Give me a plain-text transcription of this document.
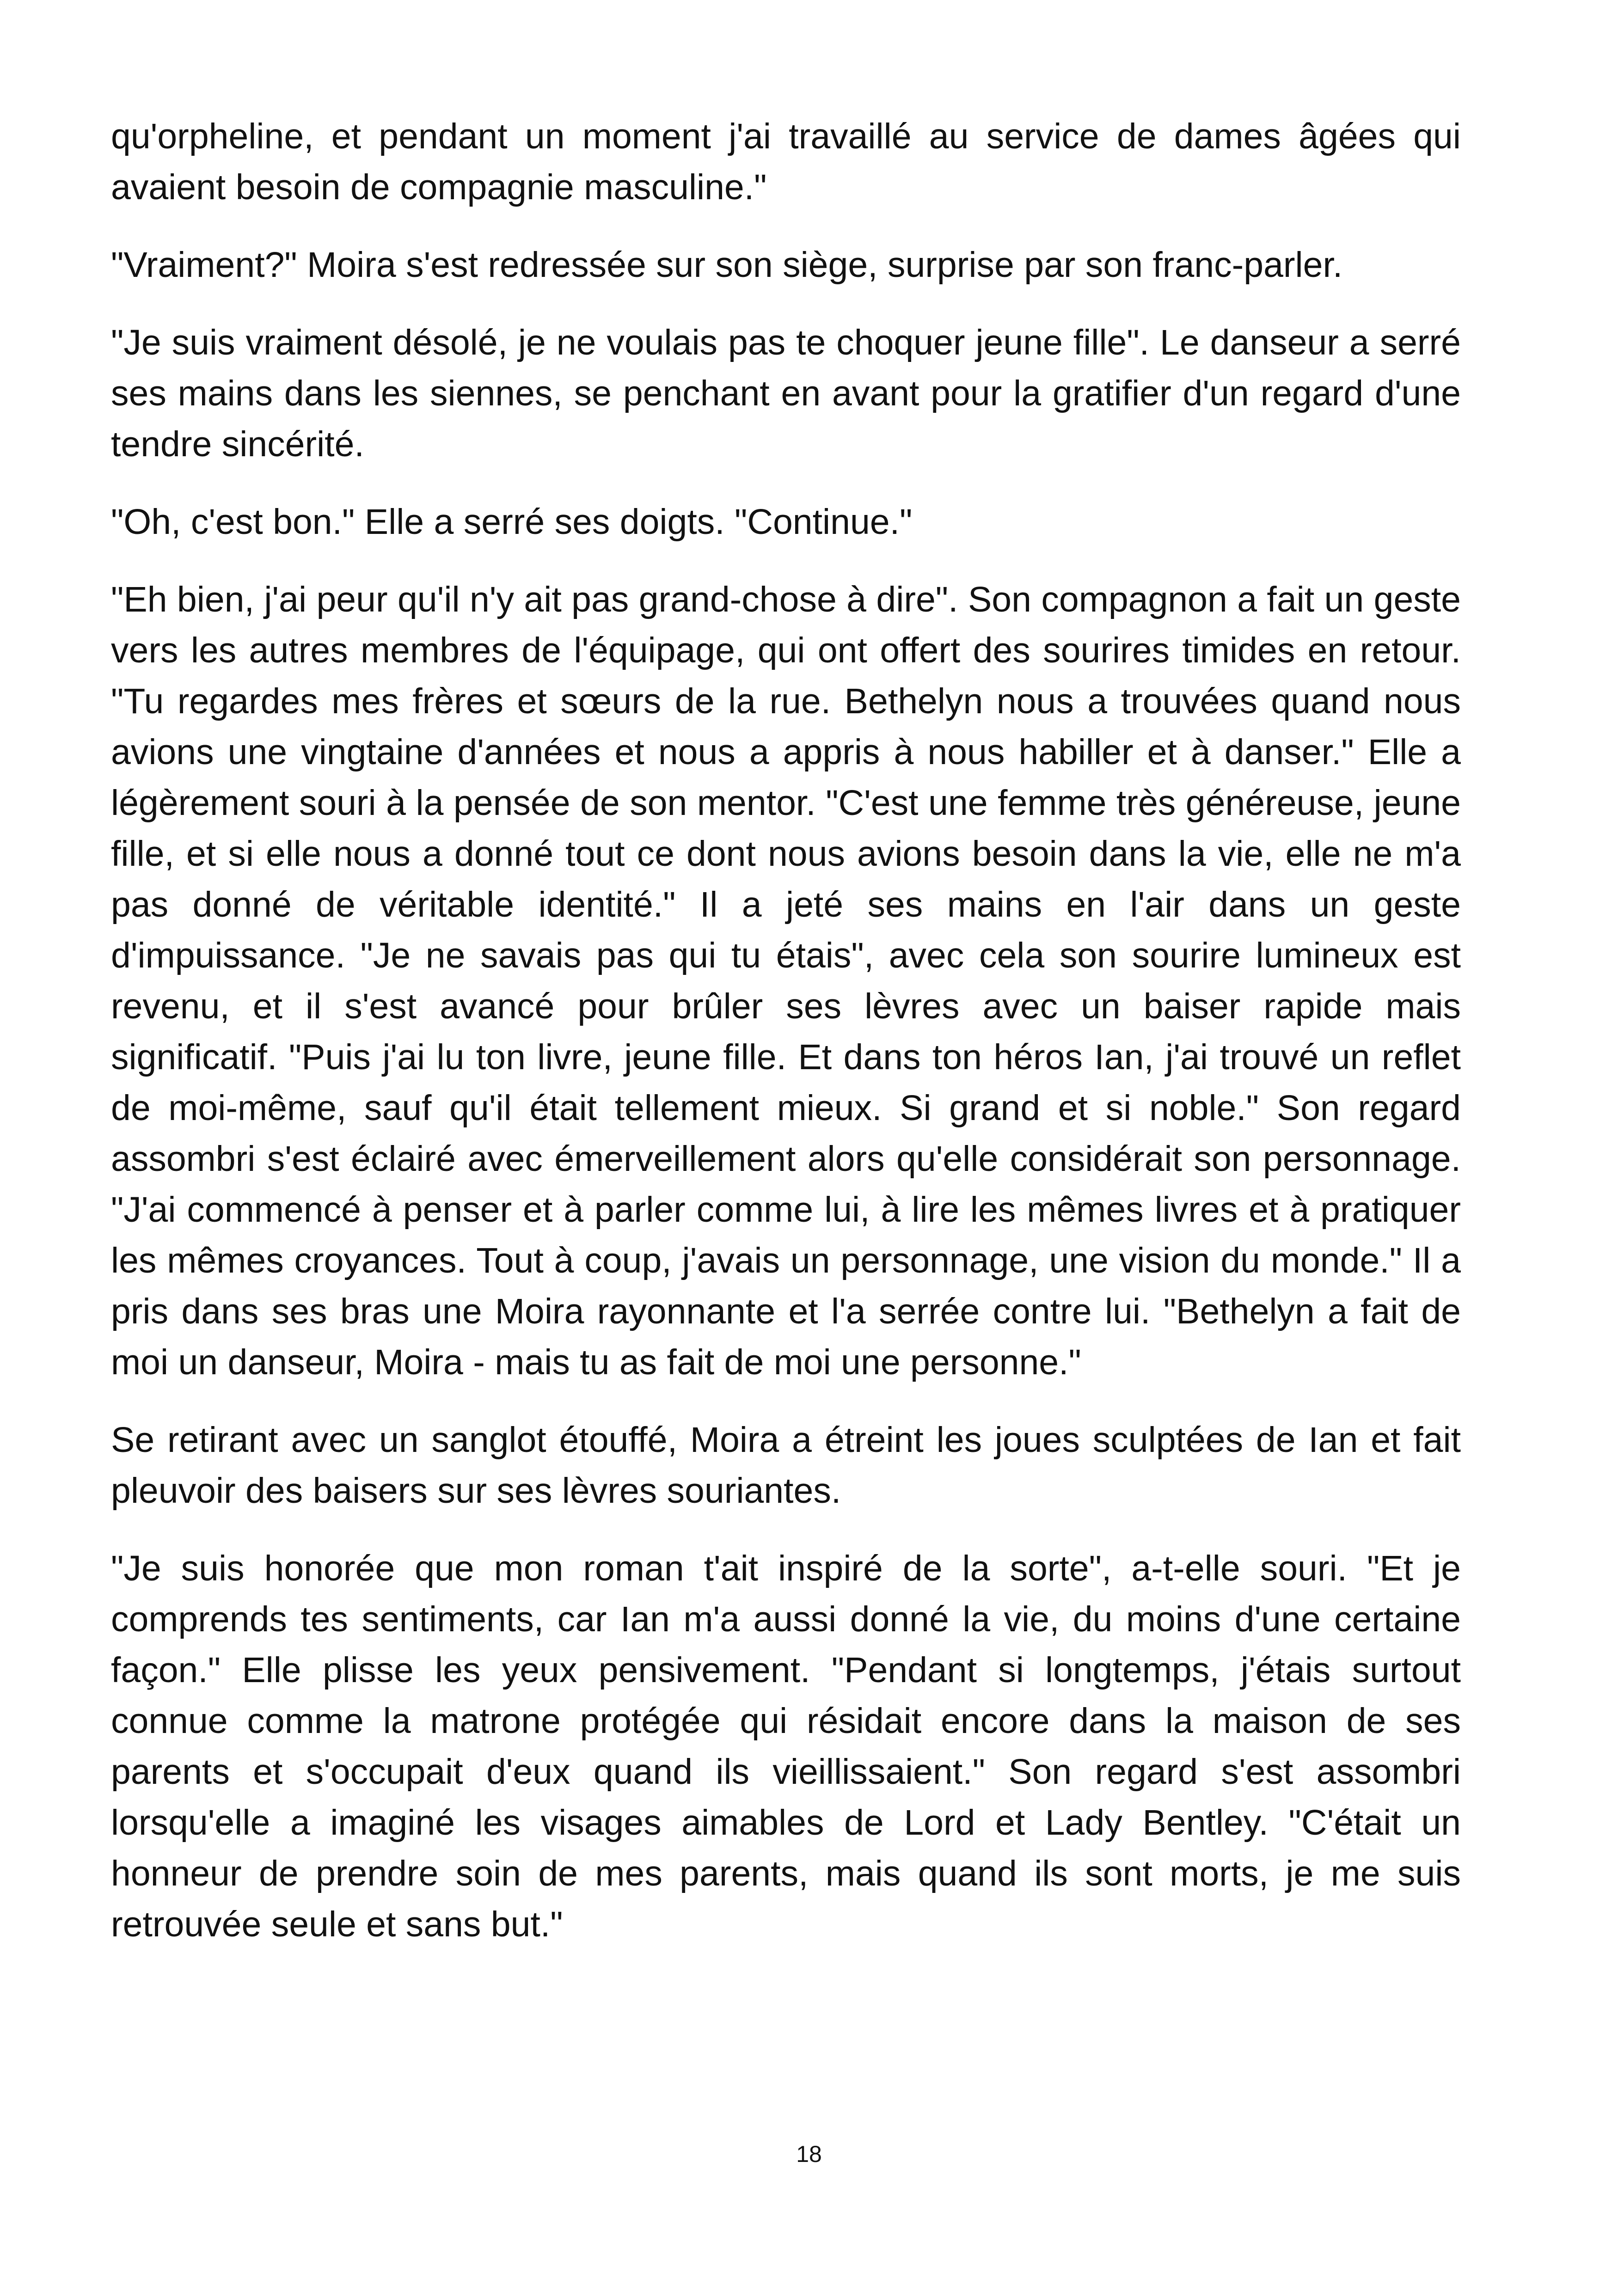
qu'orpheline, et pendant un moment j'ai travaillé au service de dames âgées qui avaient besoin de compagnie masculine."

"Vraiment?" Moira s'est redressée sur son siège, surprise par son franc-parler.

"Je suis vraiment désolé, je ne voulais pas te choquer jeune fille". Le danseur a serré ses mains dans les siennes, se penchant en avant pour la gratifier d'un regard d'une tendre sincérité.

"Oh, c'est bon." Elle a serré ses doigts. "Continue."

"Eh bien, j'ai peur qu'il n'y ait pas grand-chose à dire". Son compagnon a fait un geste vers les autres membres de l'équipage, qui ont offert des sourires timides en retour. "Tu regardes mes frères et sœurs de la rue. Bethelyn nous a trouvées quand nous avions une vingtaine d'années et nous a appris à nous habiller et à danser." Elle a légèrement souri à la pensée de son mentor. "C'est une femme très généreuse, jeune fille, et si elle nous a donné tout ce dont nous avions besoin dans la vie, elle ne m'a pas donné de véritable identité." Il a jeté ses mains en l'air dans un geste d'impuissance. "Je ne savais pas qui tu étais", avec cela son sourire lumineux est revenu, et il s'est avancé pour brûler ses lèvres avec un baiser rapide mais significatif. "Puis j'ai lu ton livre, jeune fille. Et dans ton héros Ian, j'ai trouvé un reflet de moi-même, sauf qu'il était tellement mieux. Si grand et si noble." Son regard assombri s'est éclairé avec émerveillement alors qu'elle considérait son personnage. "J'ai commencé à penser et à parler comme lui, à lire les mêmes livres et à pratiquer les mêmes croyances. Tout à coup, j'avais un personnage, une vision du monde." Il a pris dans ses bras une Moira rayonnante et l'a serrée contre lui. "Bethelyn a fait de moi un danseur, Moira - mais tu as fait de moi une personne."

Se retirant avec un sanglot étouffé, Moira a étreint les joues sculptées de Ian et fait pleuvoir des baisers sur ses lèvres souriantes.

"Je suis honorée que mon roman t'ait inspiré de la sorte", a-t-elle souri. "Et je comprends tes sentiments, car Ian m'a aussi donné la vie, du moins d'une certaine façon." Elle plisse les yeux pensivement. "Pendant si longtemps, j'étais surtout connue comme la matrone protégée qui résidait encore dans la maison de ses parents et s'occupait d'eux quand ils vieillissaient." Son regard s'est assombri lorsqu'elle a imaginé les visages aimables de Lord et Lady Bentley. "C'était un honneur de prendre soin de mes parents, mais quand ils sont morts, je me suis retrouvée seule et sans but."

18
